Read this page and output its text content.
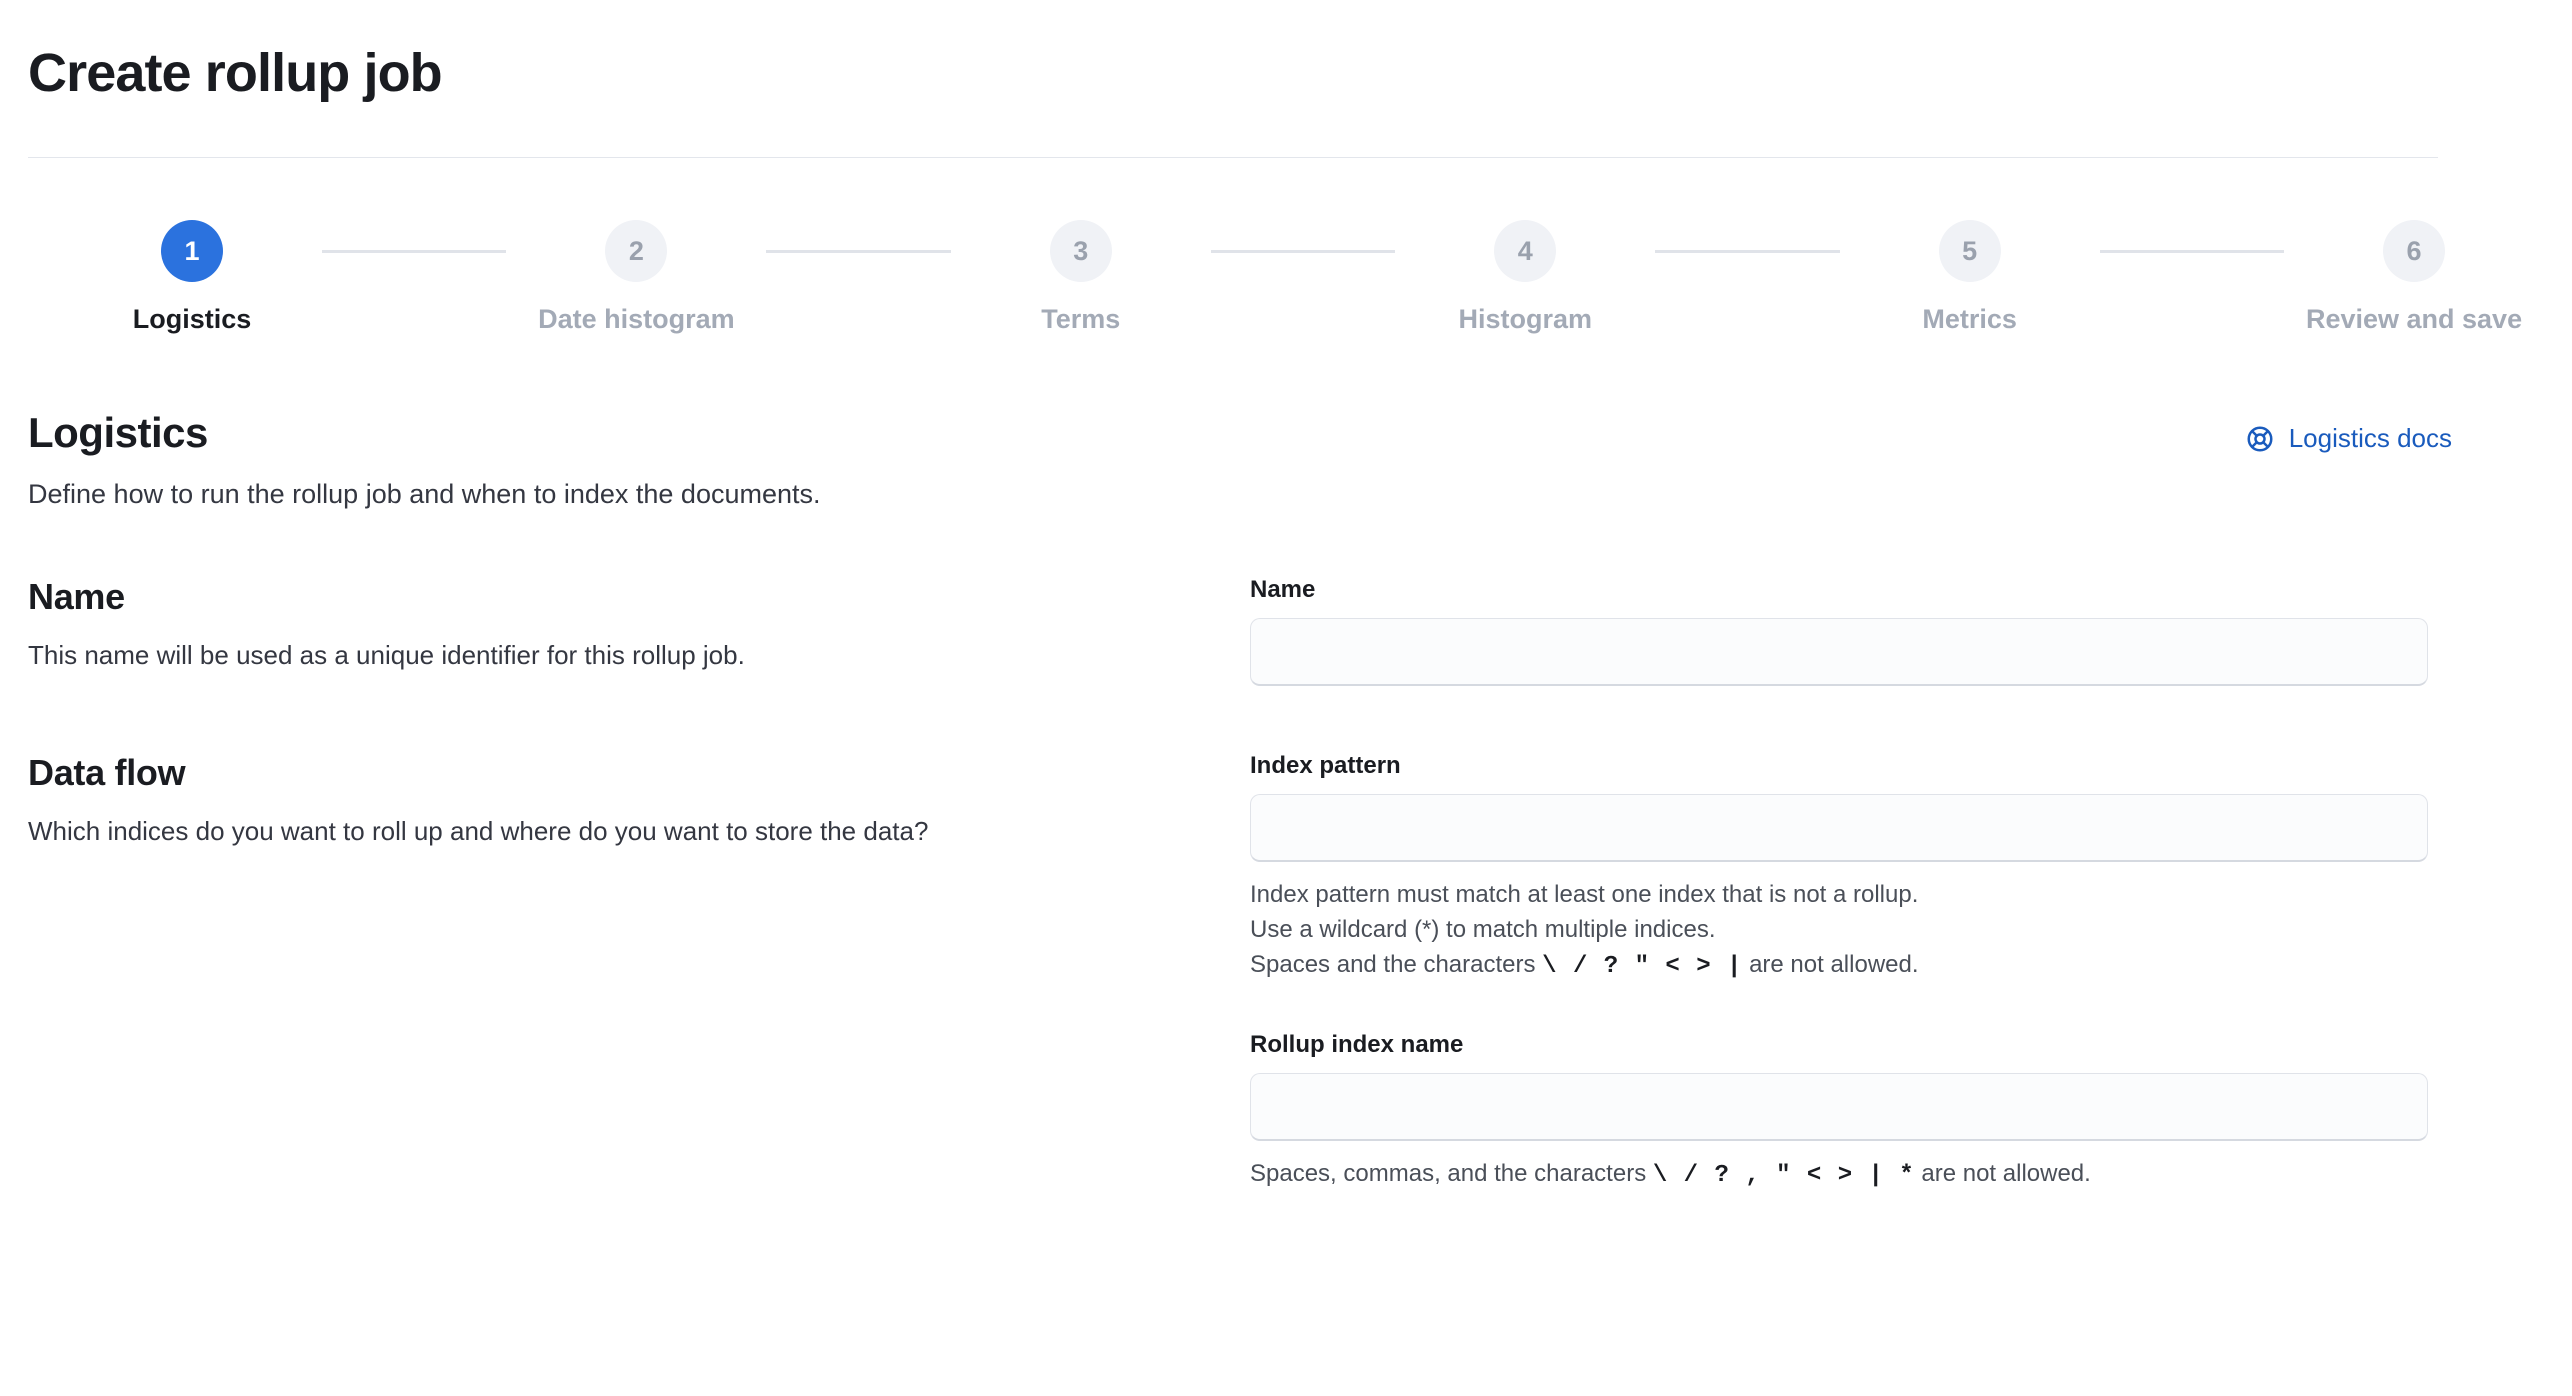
Create rollup job
1
Logistics
2
Date histogram
3
Terms
4
Histogram
5
Metrics
6
Review and save
Logistics	Logistics docs
Define how to run the rollup job and when to index the documents.
Name
This name will be used as a unique identifier for this rollup job.
Name
Data flow
Which indices do you want to roll up and where do you want to store the data?
Index pattern
Index pattern must match at least one index that is not a rollup.
Use a wildcard (*) to match multiple indices.
Spaces and the characters \ / ? " < > | are not allowed.
Rollup index name
Spaces, commas, and the characters \ / ? , " < > | * are not allowed.
